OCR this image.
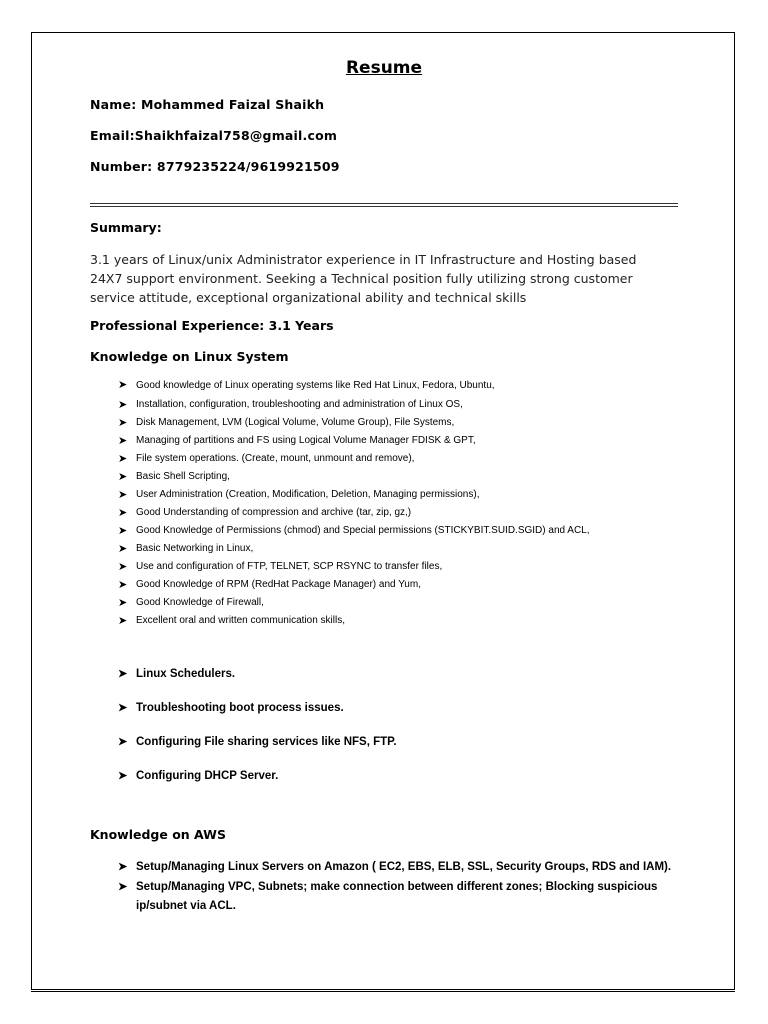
Resume
Name: Mohammed Faizal Shaikh
Email:Shaikhfaizal758@gmail.com
Number: 8779235224/9619921509
Summary:
3.1 years of Linux/unix Administrator experience in IT Infrastructure and Hosting based 24X7 support environment. Seeking a Technical position fully utilizing strong customer service attitude, exceptional organizational ability and technical skills
Professional Experience: 3.1 Years
Knowledge on Linux System
➤ Good knowledge of Linux operating systems like Red Hat Linux, Fedora, Ubuntu,
➤ Installation, configuration, troubleshooting and administration of Linux OS,
➤ Disk Management, LVM (Logical Volume, Volume Group), File Systems,
➤ Managing of partitions and FS using Logical Volume Manager FDISK & GPT,
➤ File system operations. (Create, mount, unmount and remove),
➤ Basic Shell Scripting,
➤ User Administration (Creation, Modification, Deletion, Managing permissions),
➤ Good Understanding of compression and archive (tar, zip, gz,)
➤ Good Knowledge of Permissions (chmod) and Special permissions (STICKYBIT.SUID.SGID) and ACL,
➤ Basic Networking in Linux,
➤ Use and configuration of FTP, TELNET, SCP RSYNC to transfer files,
➤ Good Knowledge of RPM (RedHat Package Manager) and Yum,
➤ Good Knowledge of Firewall,
➤ Excellent oral and written communication skills,
➤ Linux Schedulers.
➤ Troubleshooting boot process issues.
➤ Configuring File sharing services like NFS, FTP.
➤ Configuring DHCP Server.
Knowledge on AWS
➤ Setup/Managing Linux Servers on Amazon ( EC2, EBS, ELB, SSL, Security Groups, RDS and IAM).
➤ Setup/Managing VPC, Subnets; make connection between different zones; Blocking suspicious ip/subnet via ACL.
